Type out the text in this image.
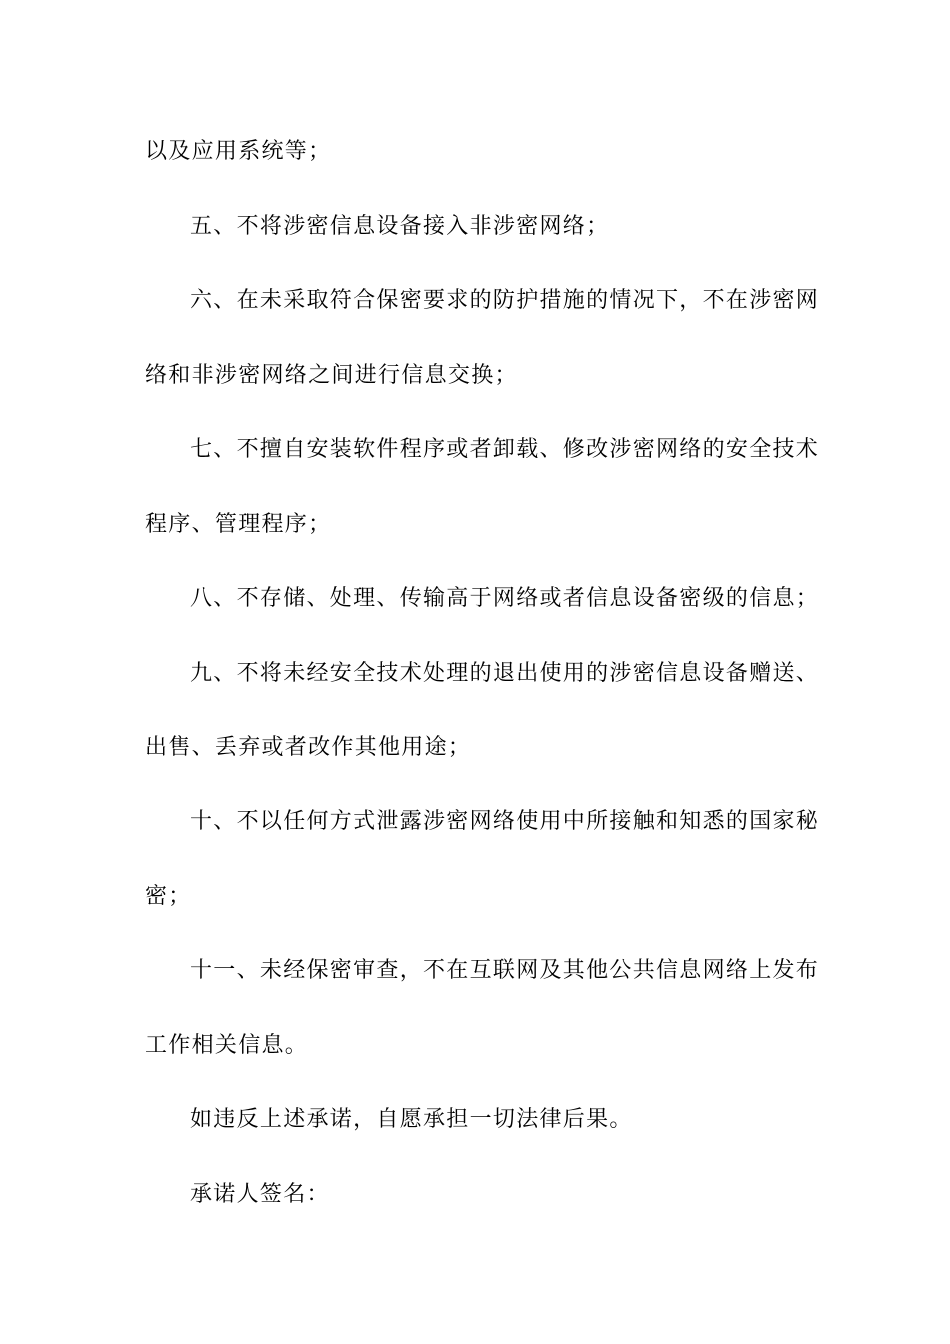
以及应用系统等；
五、不将涉密信息设备接入非涉密网络；
六、在未采取符合保密要求的防护措施的情况下，不在涉密网
络和非涉密网络之间进行信息交换；
七、不擅自安装软件程序或者卸载、修改涉密网络的安全技术
程序、管理程序；
八、不存储、处理、传输高于网络或者信息设备密级的信息；
九、不将未经安全技术处理的退出使用的涉密信息设备赠送、
出售、丢弃或者改作其他用途；
十、不以任何方式泄露涉密网络使用中所接触和知悉的国家秘
密；
十一、未经保密审查，不在互联网及其他公共信息网络上发布
工作相关信息。
如违反上述承诺，自愿承担一切法律后果。
承诺人签名：
